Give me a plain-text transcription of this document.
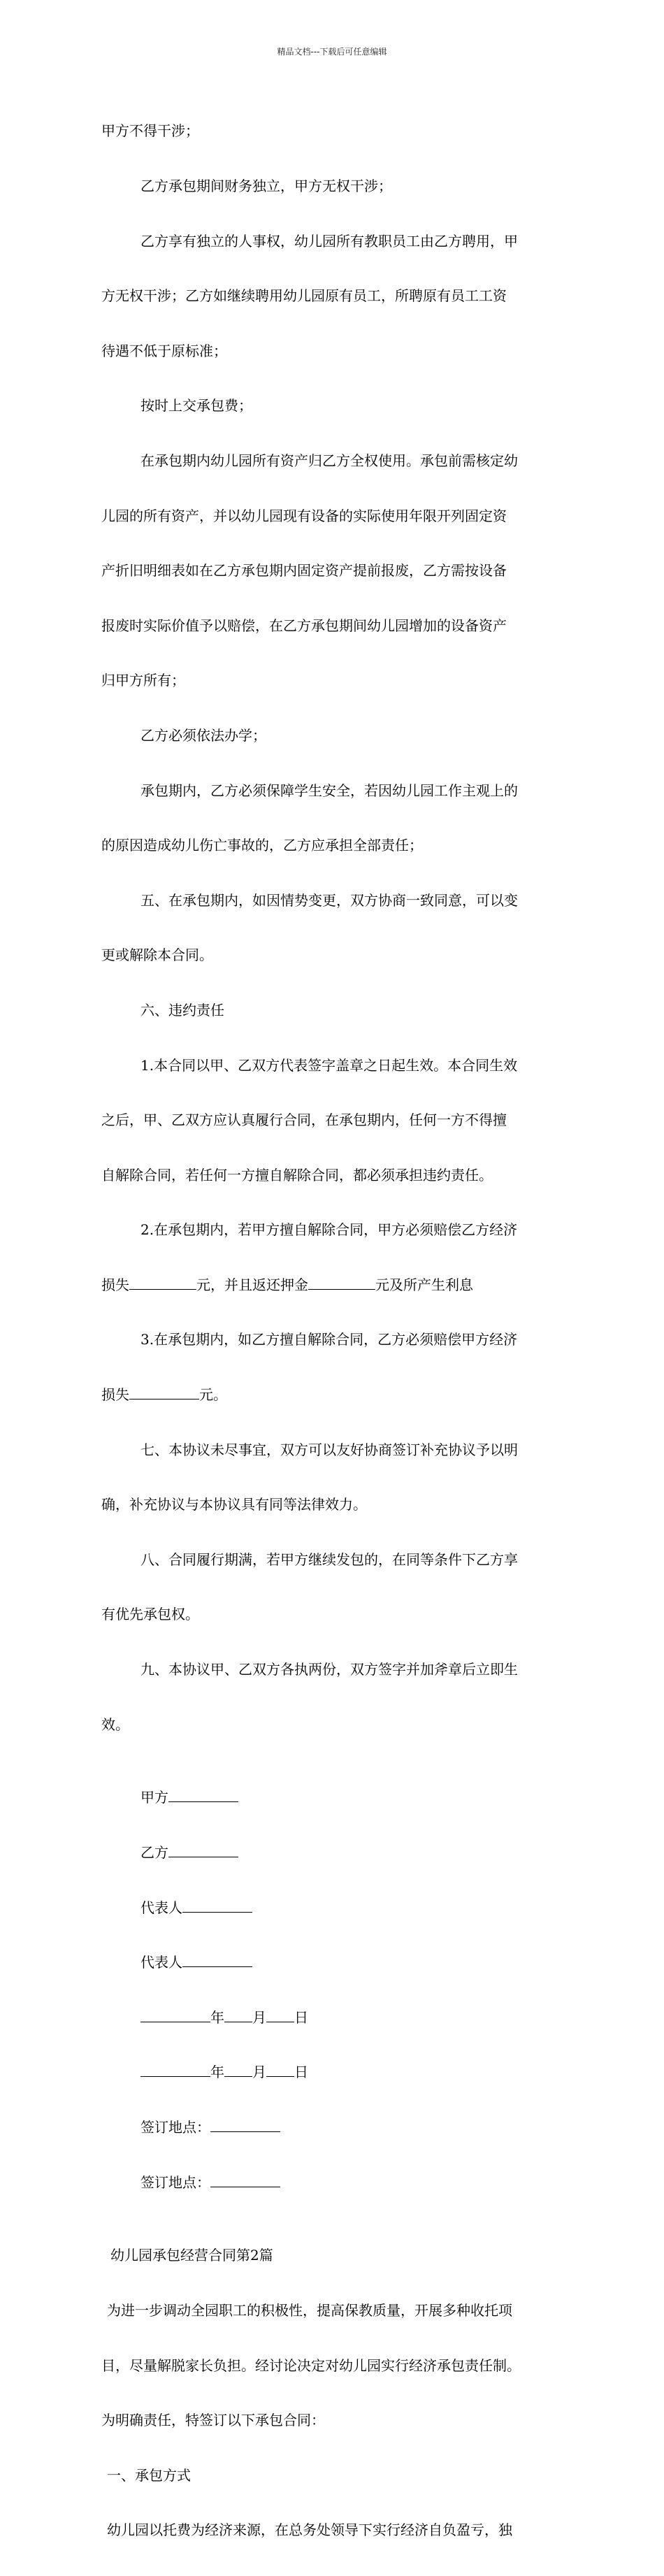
精品文档---下载后可任意编辑

甲方不得干涉；

乙方承包期间财务独立，甲方无权干涉；

乙方享有独立的人事权，幼儿园所有教职员工由乙方聘用，甲

方无权干涉；乙方如继续聘用幼儿园原有员工，所聘原有员工工资

待遇不低于原标准；

按时上交承包费；

在承包期内幼儿园所有资产归乙方全权使用。承包前需核定幼

儿园的所有资产，并以幼儿园现有设备的实际使用年限开列固定资

产折旧明细表如在乙方承包期内固定资产提前报废，乙方需按设备

报废时实际价值予以赔偿，在乙方承包期间幼儿园增加的设备资产

归甲方所有；

乙方必须依法办学；

承包期内，乙方必须保障学生安全，若因幼儿园工作主观上的

的原因造成幼儿伤亡事故的，乙方应承担全部责任；

五、在承包期内，如因情势变更，双方协商一致同意，可以变

更或解除本合同。

六、违约责任

1.本合同以甲、乙双方代表签字盖章之日起生效。本合同生效

之后，甲、乙双方应认真履行合同，在承包期内，任何一方不得擅

自解除合同，若任何一方擅自解除合同，都必须承担违约责任。

2.在承包期内，若甲方擅自解除合同，甲方必须赔偿乙方经济

损失	元，并且返还押金	元及所产生利息

3.在承包期内，如乙方擅自解除合同，乙方必须赔偿甲方经济

损失	元。

七、本协议未尽事宜，双方可以友好协商签订补充协议予以明

确，补充协议与本协议具有同等法律效力。

八、合同履行期满，若甲方继续发包的，在同等条件下乙方享

有优先承包权。

九、本协议甲、乙双方各执两份，双方签字并加斧章后立即生

效。

甲方

乙方

代表人

代表人

年 月 日

年 月 日

签订地点：

签订地点：

幼儿园承包经营合同第2篇

为进一步调动全园职工的积极性，提高保教质量，开展多种收托项

目，尽量解脱家长负担。经讨论决定对幼儿园实行经济承包责任制。

为明确责任，特签订以下承包合同：

一、承包方式

幼儿园以托费为经济来源，在总务处领导下实行经济自负盈亏，独
